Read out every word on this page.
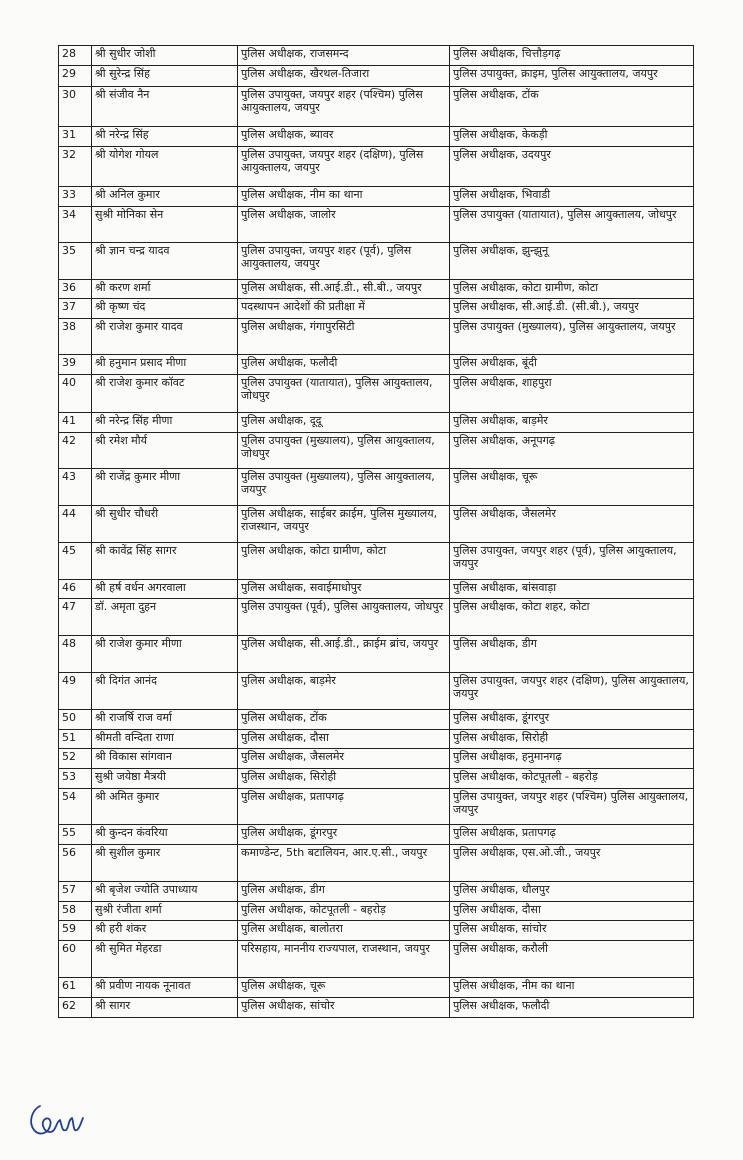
28	श्री सुधीर जोशी	पुलिस अधीक्षक, राजसमन्द	पुलिस अधीक्षक, चित्तौड़गढ़
29	श्री सुरेन्द्र सिंह	पुलिस अधीक्षक, खैरथल-तिजारा	पुलिस उपायुक्त, क्राइम, पुलिस आयुक्तालय, जयपुर
30	श्री संजीव नैन	पुलिस उपायुक्त, जयपुर शहर (पश्चिम) पुलिस आयुक्तालय, जयपुर	पुलिस अधीक्षक, टोंक
31	श्री नरेन्द्र सिंह	पुलिस अधीक्षक, ब्यावर	पुलिस अधीक्षक, केकड़ी
32	श्री योगेश गोयल	पुलिस उपायुक्त, जयपुर शहर (दक्षिण), पुलिस आयुक्तालय, जयपुर	पुलिस अधीक्षक, उदयपुर
33	श्री अनिल कुमार	पुलिस अधीक्षक, नीम का थाना	पुलिस अधीक्षक, भिवाडी
34	सुश्री मोनिका सेन	पुलिस अधीक्षक, जालोर	पुलिस उपायुक्त (यातायात), पुलिस आयुक्तालय, जोधपुर
35	श्री ज्ञान चन्द्र यादव	पुलिस उपायुक्त, जयपुर शहर (पूर्व), पुलिस आयुक्तालय, जयपुर	पुलिस अधीक्षक, झुन्झुनू
36	श्री करण शर्मा	पुलिस अधीक्षक, सी.आई.डी., सी.बी., जयपुर	पुलिस अधीक्षक, कोटा ग्रामीण, कोटा
37	श्री कृष्ण चंद	पदस्थापन आदेशों की प्रतीक्षा में	पुलिस अधीक्षक, सी.आई.डी. (सी.बी.), जयपुर
38	श्री राजेश कुमार यादव	पुलिस अधीक्षक, गंगापुरसिटी	पुलिस उपायुक्त (मुख्यालय), पुलिस आयुक्तालय, जयपुर
39	श्री हनुमान प्रसाद मीणा	पुलिस अधीक्षक, फलौदी	पुलिस अधीक्षक, बूंदी
40	श्री राजेश कुमार कॉवट	पुलिस उपायुक्त (यातायात), पुलिस आयुक्तालय, जोधपुर	पुलिस अधीक्षक, शाहपुरा
41	श्री नरेन्द्र सिंह मीणा	पुलिस अधीक्षक, दूदू	पुलिस अधीक्षक, बाड़मेर
42	श्री रमेश मौर्य	पुलिस उपायुक्त (मुख्यालय), पुलिस आयुक्तालय, जोधपुर	पुलिस अधीक्षक, अनूपगढ़
43	श्री राजेंद्र कुमार मीणा	पुलिस उपायुक्त (मुख्यालय), पुलिस आयुक्तालय, जयपुर	पुलिस अधीक्षक, चूरू
44	श्री सुधीर चौधरी	पुलिस अधीक्षक, साईबर क्राईम, पुलिस मुख्यालय, राजस्थान, जयपुर	पुलिस अधीक्षक, जैसलमेर
45	श्री कावेंद्र सिंह सागर	पुलिस अधीक्षक, कोटा ग्रामीण, कोटा	पुलिस उपायुक्त, जयपुर शहर (पूर्व), पुलिस आयुक्तालय, जयपुर
46	श्री हर्ष वर्धन अगरवाला	पुलिस अधीक्षक, सवाईमाधोपुर	पुलिस अधीक्षक, बांसवाड़ा
47	डॉ. अमृता दुहन	पुलिस उपायुक्त (पूर्व), पुलिस आयुक्तालय, जोधपुर	पुलिस अधीक्षक, कोटा शहर, कोटा
48	श्री राजेश कुमार मीणा	पुलिस अधीक्षक, सी.आई.डी., क्राईम ब्रांच, जयपुर	पुलिस अधीक्षक, डीग
49	श्री दिगंत आनंद	पुलिस अधीक्षक, बाड़मेर	पुलिस उपायुक्त, जयपुर शहर (दक्षिण), पुलिस आयुक्तालय, जयपुर
50	श्री राजर्षि राज वर्मा	पुलिस अधीक्षक, टोंक	पुलिस अधीक्षक, डूंगरपुर
51	श्रीमती वन्दिता राणा	पुलिस अधीक्षक, दौसा	पुलिस अधीक्षक, सिरोही
52	श्री विकास सांगवान	पुलिस अधीक्षक, जैसलमेर	पुलिस अधीक्षक, हनुमानगढ़
53	सुश्री जयेष्ठा मैत्रयी	पुलिस अधीक्षक, सिरोही	पुलिस अधीक्षक, कोटपूतली - बहरोड़
54	श्री अमित कुमार	पुलिस अधीक्षक, प्रतापगढ़	पुलिस उपायुक्त, जयपुर शहर (पश्चिम) पुलिस आयुक्तालय, जयपुर
55	श्री कुन्दन कंवरिया	पुलिस अधीक्षक, डूंगरपुर	पुलिस अधीक्षक, प्रतापगढ़
56	श्री सुशील कुमार	कमाण्डेन्ट, 5th बटालियन, आर.ए.सी., जयपुर	पुलिस अधीक्षक, एस.ओ.जी., जयपुर
57	श्री बृजेश ज्योति उपाध्याय	पुलिस अधीक्षक, डीग	पुलिस अधीक्षक, धौलपुर
58	सुश्री रंजीता शर्मा	पुलिस अधीक्षक, कोटपूतली - बहरोड़	पुलिस अधीक्षक, दौसा
59	श्री हरी शंकर	पुलिस अधीक्षक, बालोतरा	पुलिस अधीक्षक, सांचोर
60	श्री सुमित मेहरडा	परिसहाय, माननीय राज्यपाल, राजस्थान, जयपुर	पुलिस अधीक्षक, करौली
61	श्री प्रवीण नायक नूनावत	पुलिस अधीक्षक, चूरू	पुलिस अधीक्षक, नीम का थाना
62	श्री सागर	पुलिस अधीक्षक, सांचोर	पुलिस अधीक्षक, फलौदी
